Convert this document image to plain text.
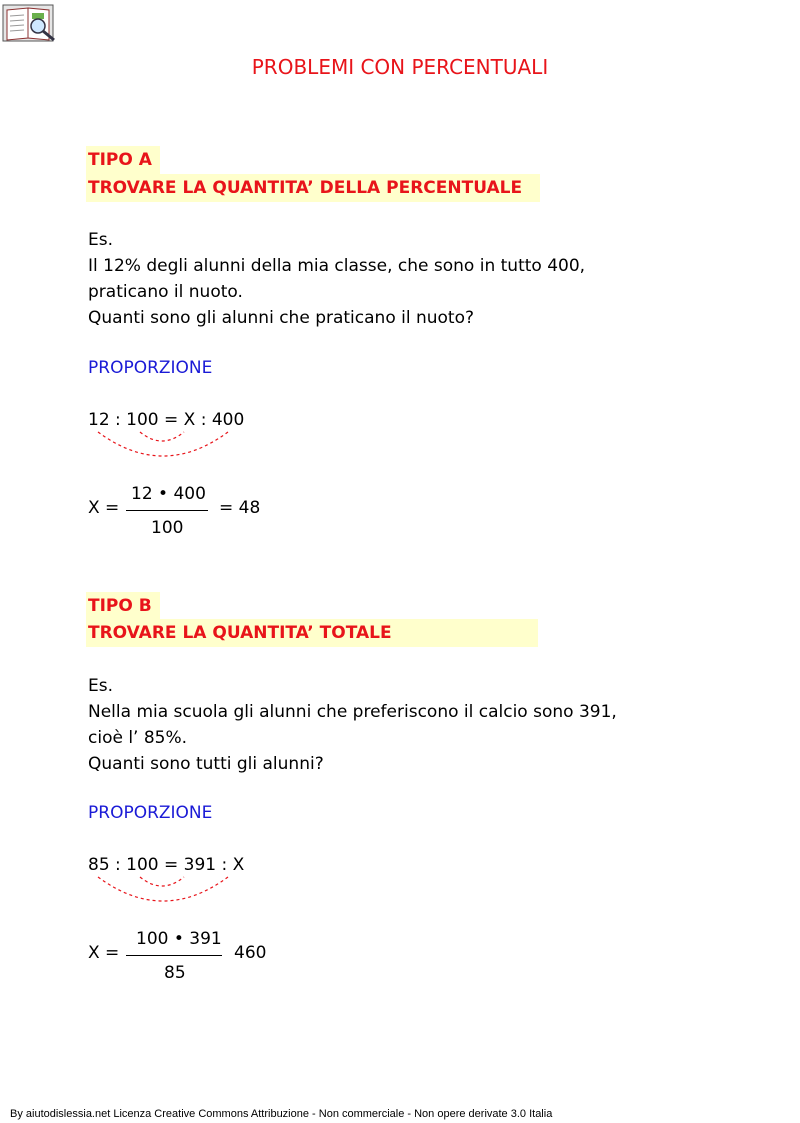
PROBLEMI CON PERCENTUALI
TIPO A
TROVARE LA QUANTITA’ DELLA PERCENTUALE
Es.
Il 12% degli alunni della mia classe, che sono in tutto 400,
praticano il nuoto.
Quanti sono gli alunni che praticano il nuoto?
PROPORZIONE
12 : 100 = X : 400
X =
12 • 400
100
= 48
TIPO B
TROVARE LA QUANTITA’ TOTALE
Es.
Nella mia scuola gli alunni che preferiscono il calcio sono 391,
cioè l’ 85%.
Quanti sono tutti gli alunni?
PROPORZIONE
85 : 100 = 391 : X
X =
100 • 391
85
460
By aiutodislessia.net Licenza Creative Commons Attribuzione - Non commerciale - Non opere derivate 3.0 Italia
